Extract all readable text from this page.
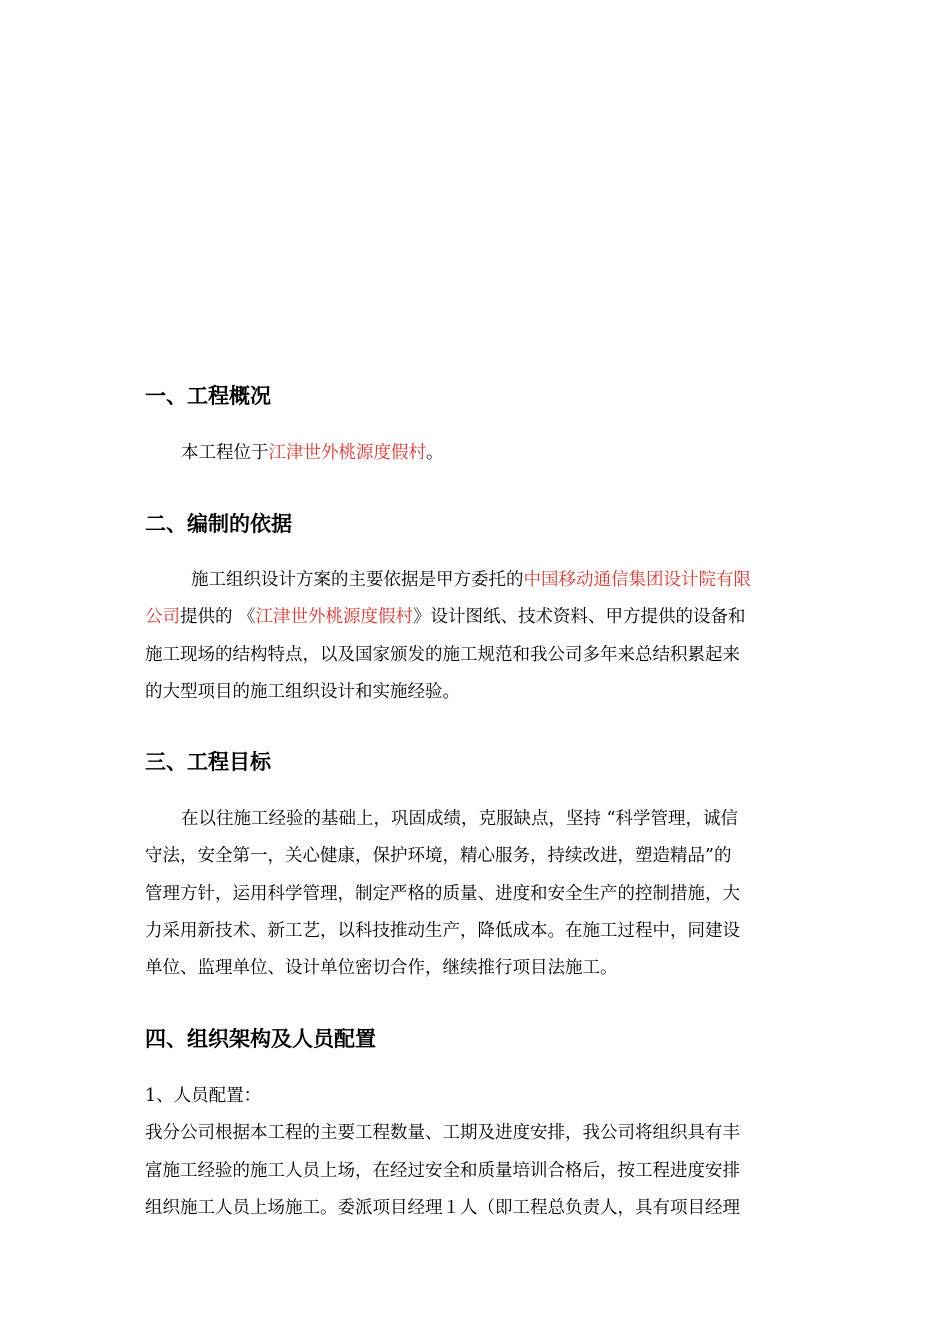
一、工程概况
本工程位于江津世外桃源度假村。
二、编制的依据
施工组织设计方案的主要依据是甲方委托的中国移动通信集团设计院有限
公司提供的 《江津世外桃源度假村》设计图纸、技术资料、甲方提供的设备和
施工现场的结构特点，以及国家颁发的施工规范和我公司多年来总结积累起来
的大型项目的施工组织设计和实施经验。
三、工程目标
在以往施工经验的基础上，巩固成绩，克服缺点，坚持 “科学管理，诚信
守法，安全第一，关心健康，保护环境，精心服务，持续改进，塑造精品”的
管理方针，运用科学管理，制定严格的质量、进度和安全生产的控制措施，大
力采用新技术、新工艺，以科技推动生产，降低成本。在施工过程中，同建设
单位、监理单位、设计单位密切合作，继续推行项目法施工。
四、组织架构及人员配置
1、人员配置：
我分公司根据本工程的主要工程数量、工期及进度安排，我公司将组织具有丰
富施工经验的施工人员上场，在经过安全和质量培训合格后，按工程进度安排
组织施工人员上场施工。委派项目经理１人（即工程总负责人，具有项目经理
